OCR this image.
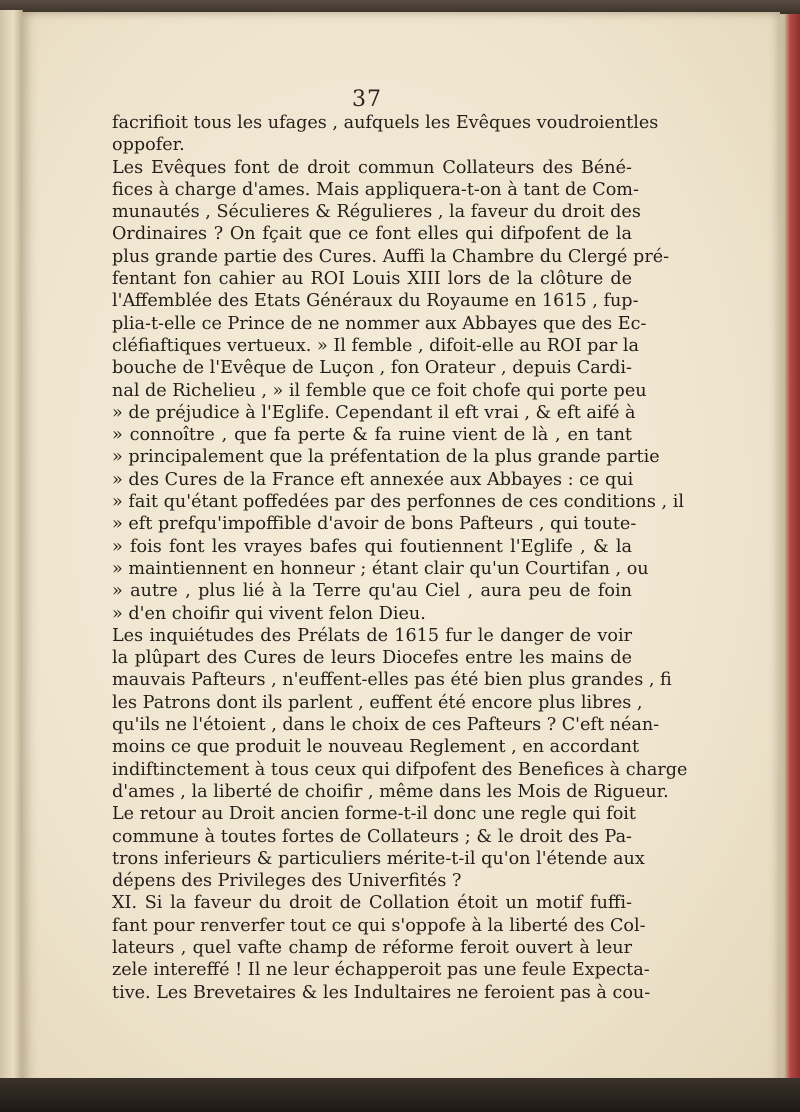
37
facrifioit tous les ufages , aufquels les Evêques voudroientles
oppofer.
Les Evêques font de droit commun Collateurs des Béné-
fices à charge d'ames. Mais appliquera-t-on à tant de Com-
munautés , Séculieres & Régulieres , la faveur du droit des
Ordinaires ? On fçait que ce font elles qui difpofent de la
plus grande partie des Cures. Auffi la Chambre du Clergé pré-
fentant fon cahier au ROI Louis XIII lors de la clôture de
l'Affemblée des Etats Généraux du Royaume en 1615 , fup-
plia-t-elle ce Prince de ne nommer aux Abbayes que des Ec-
cléfiaftiques vertueux. » Il femble , difoit-elle au ROI par la
bouche de l'Evêque de Luçon , fon Orateur , depuis Cardi-
nal de Richelieu , » il femble que ce foit chofe qui porte peu
» de préjudice à l'Eglife. Cependant il eft vrai , & eft aifé à
» connoître , que fa perte & fa ruine vient de là , en tant
» principalement que la préfentation de la plus grande partie
» des Cures de la France eft annexée aux Abbayes : ce qui
» fait qu'étant poffedées par des perfonnes de ces conditions , il
» eft prefqu'impoffible d'avoir de bons Pafteurs , qui toute-
» fois font les vrayes bafes qui foutiennent l'Eglife , & la
» maintiennent en honneur ; étant clair qu'un Courtifan , ou
» autre , plus lié à la Terre qu'au Ciel , aura peu de foin
» d'en choifir qui vivent felon Dieu.
Les inquiétudes des Prélats de 1615 fur le danger de voir
la plûpart des Cures de leurs Diocefes entre les mains de
mauvais Pafteurs , n'euffent-elles pas été bien plus grandes , fi
les Patrons dont ils parlent , euffent été encore plus libres ,
qu'ils ne l'étoient , dans le choix de ces Pafteurs ? C'eft néan-
moins ce que produit le nouveau Reglement , en accordant
indiftinctement à tous ceux qui difpofent des Benefices à charge
d'ames , la liberté de choifir , même dans les Mois de Rigueur.
Le retour au Droit ancien forme-t-il donc une regle qui foit
commune à toutes fortes de Collateurs ; & le droit des Pa-
trons inferieurs & particuliers mérite-t-il qu'on l'étende aux
dépens des Privileges des Univerfités ?
XI. Si la faveur du droit de Collation étoit un motif fuffi-
fant pour renverfer tout ce qui s'oppofe à la liberté des Col-
lateurs , quel vafte champ de réforme feroit ouvert à leur
zele intereffé ! Il ne leur échapperoit pas une feule Expecta-
tive. Les Brevetaires & les Indultaires ne feroient pas à cou-
